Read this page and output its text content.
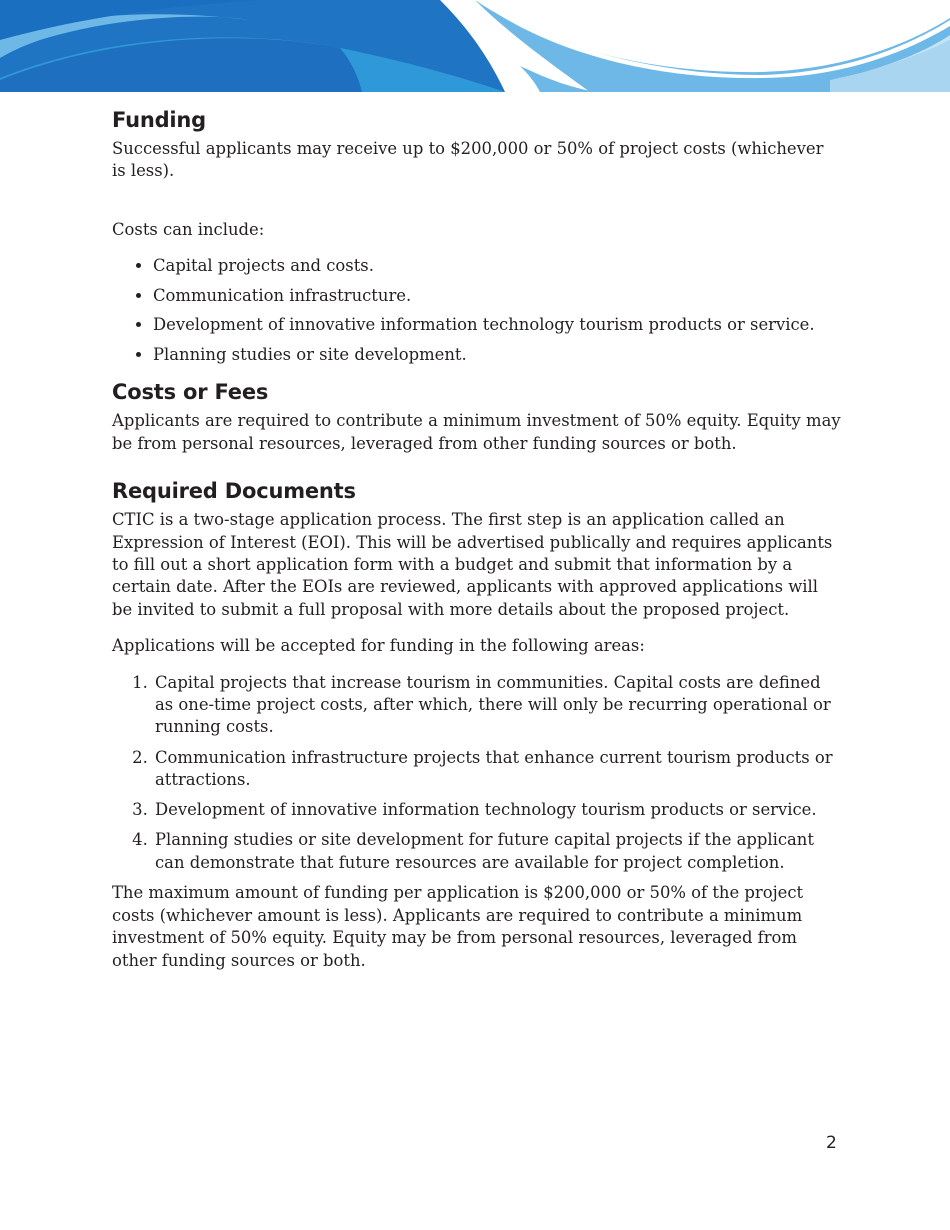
Funding

Successful applicants may receive up to $200,000 or 50% of project costs (whichever is less).

Costs can include:

• Capital projects and costs.
• Communication infrastructure.
• Development of innovative information technology tourism products or service.
• Planning studies or site development.
Costs or Fees

Applicants are required to contribute a minimum investment of 50% equity. Equity may be from personal resources, leveraged from other funding sources or both.

Required Documents

CTIC is a two-stage application process. The first step is an application called an Expression of Interest (EOI). This will be advertised publically and requires applicants to fill out a short application form with a budget and submit that information by a certain date. After the EOIs are reviewed, applicants with approved applications will be invited to submit a full proposal with more details about the proposed project.

Applications will be accepted for funding in the following areas:

1. Capital projects that increase tourism in communities. Capital costs are defined as one-time project costs, after which, there will only be recurring operational or running costs.
2. Communication infrastructure projects that enhance current tourism products or attractions.
3. Development of innovative information technology tourism products or service.
4. Planning studies or site development for future capital projects if the applicant can demonstrate that future resources are available for project completion.

The maximum amount of funding per application is $200,000 or 50% of the project costs (whichever amount is less). Applicants are required to contribute a minimum investment of 50% equity. Equity may be from personal resources, leveraged from other funding sources or both.

2
